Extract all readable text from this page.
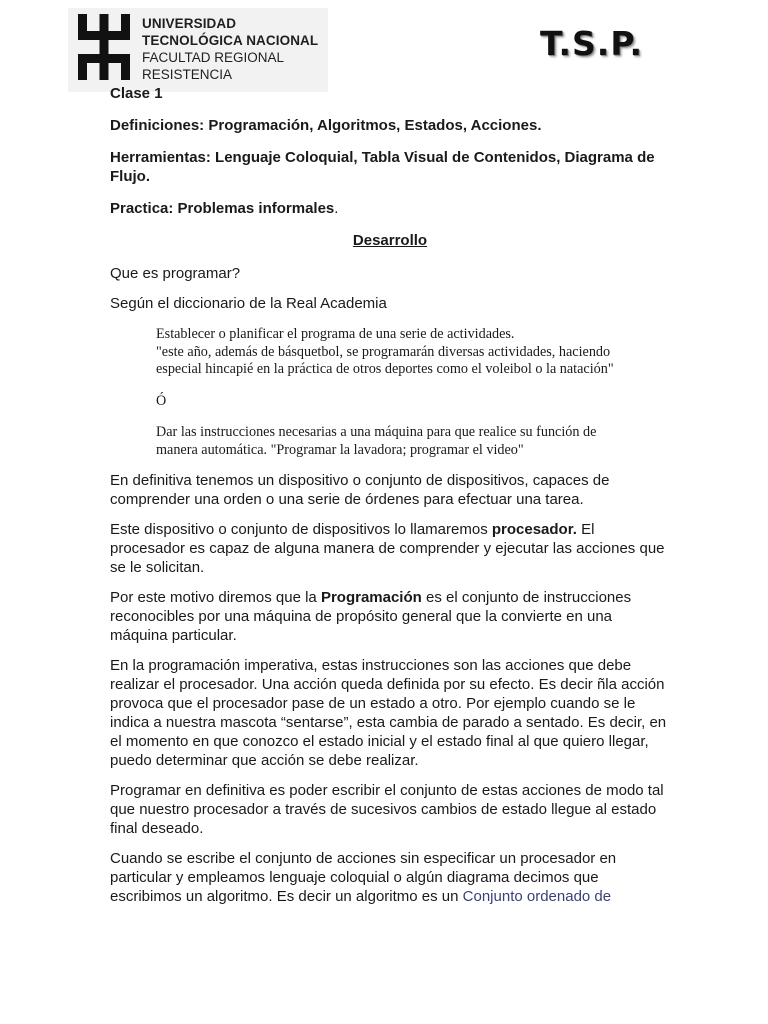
UNIVERSIDAD
TECNOLÓGICA NACIONAL
FACULTAD REGIONAL
RESISTENCIA
T.S.P.

Clase 1

Definiciones: Programación, Algoritmos, Estados, Acciones.

Herramientas: Lenguaje Coloquial, Tabla Visual de Contenidos, Diagrama de Flujo.

Practica: Problemas informales.

Desarrollo

Que es programar?

Según el diccionario de la Real Academia

Establecer o planificar el programa de una serie de actividades.

"este año, además de básquetbol, se programarán diversas actividades, haciendo

especial hincapié en la práctica de otros deportes como el voleibol o la natación"

Ó

Dar las instrucciones necesarias a una máquina para que realice su función de

manera automática. "Programar la lavadora; programar el video"

En definitiva tenemos un dispositivo o conjunto de dispositivos, capaces de comprender una orden o una serie de órdenes para efectuar una tarea.

Este dispositivo o conjunto de dispositivos lo llamaremos procesador. El procesador es capaz de alguna manera de comprender y ejecutar las acciones que se le solicitan.

Por este motivo diremos que la Programación es el conjunto de instrucciones reconocibles por una máquina de propósito general que la convierte en una máquina particular.

En la programación imperativa, estas instrucciones son las acciones que debe realizar el procesador. Una acción queda definida por su efecto. Es decir ñla acción provoca que el procesador pase de un estado a otro. Por ejemplo cuando se le indica a nuestra mascota “sentarse”, esta cambia de parado a sentado. Es decir, en el momento en que conozco el estado inicial y el estado final al que quiero llegar, puedo determinar que acción se debe realizar.

Programar en definitiva es poder escribir el conjunto de estas acciones de modo tal que nuestro procesador a través de sucesivos cambios de estado llegue al estado final deseado.

Cuando se escribe el conjunto de acciones sin especificar un procesador en particular y empleamos lenguaje coloquial o algún diagrama decimos que escribimos un algoritmo. Es decir un algoritmo es un Conjunto ordenado de
